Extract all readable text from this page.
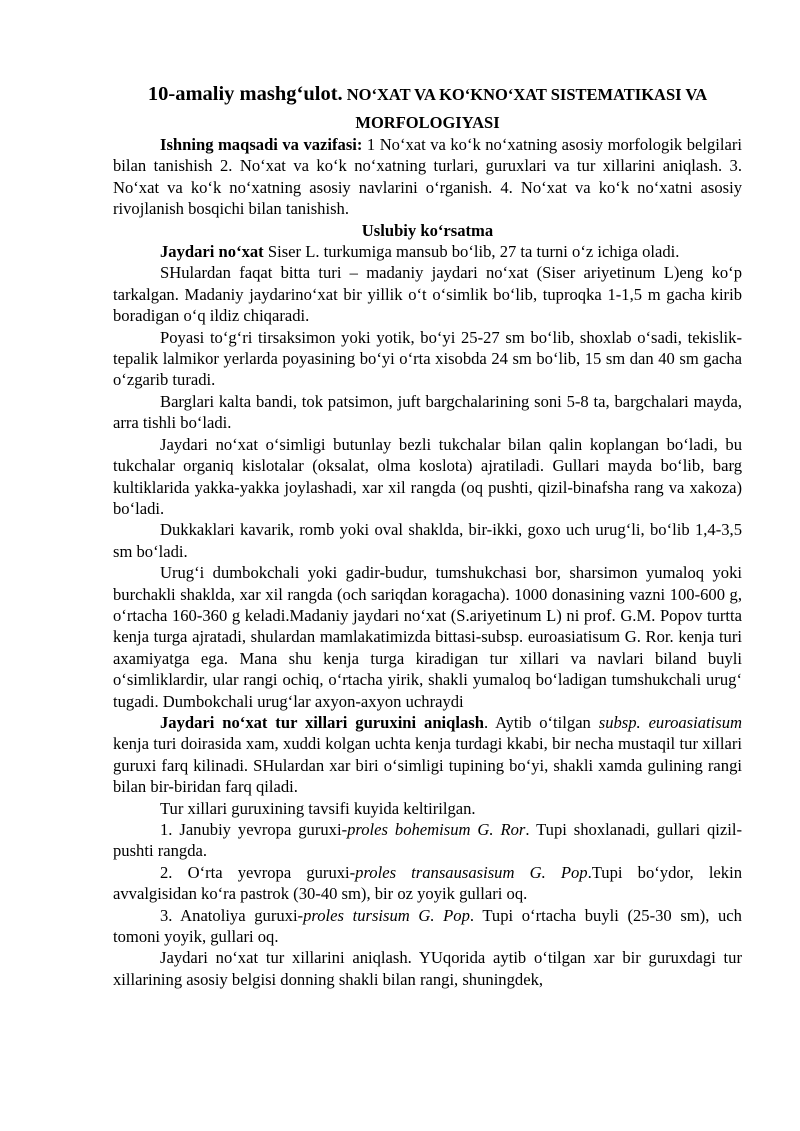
10-amaliy mashg‘ulot. NO‘XAT VA KO‘KNO‘XAT SISTEMATIKASI VA MORFOLOGIYASI

Ishning maqsadi va vazifasi: 1 No‘xat va ko‘k no‘xatning asosiy morfologik belgilari bilan tanishish 2. No‘xat va ko‘k no‘xatning turlari, guruxlari va tur xillarini aniqlash. 3. No‘xat va ko‘k no‘xatning asosiy navlarini o‘rganish. 4. No‘xat va ko‘k no‘xatni asosiy rivojlanish bosqichi bilan tanishish.

Uslubiy ko‘rsatma

Jaydari no‘xat Siser L. turkumiga mansub bo‘lib, 27 ta turni o‘z ichiga oladi.

SHulardan faqat bitta turi – madaniy jaydari no‘xat (Siser ariyetinum L)eng ko‘p tarkalgan. Madaniy jaydarino‘xat bir yillik o‘t o‘simlik bo‘lib, tuproqka 1-1,5 m gacha kirib boradigan o‘q ildiz chiqaradi.

Poyasi to‘g‘ri tirsaksimon yoki yotik, bo‘yi 25-27 sm bo‘lib, shoxlab o‘sadi, tekislik-tepalik lalmikor yerlarda poyasining bo‘yi o‘rta xisobda 24 sm bo‘lib, 15 sm dan 40 sm gacha o‘zgarib turadi.

Barglari kalta bandi, tok patsimon, juft bargchalarining soni 5-8 ta, bargchalari mayda, arra tishli bo‘ladi.

Jaydari no‘xat o‘simligi butunlay bezli tukchalar bilan qalin koplangan bo‘ladi, bu tukchalar organiq kislotalar (oksalat, olma koslota) ajratiladi. Gullari mayda bo‘lib, barg kultiklarida yakka-yakka joylashadi, xar xil rangda (oq pushti, qizil-binafsha rang va xakoza) bo‘ladi.

Dukkaklari kavarik, romb yoki oval shaklda, bir-ikki, goxo uch urug‘li, bo‘lib 1,4-3,5 sm bo‘ladi.

Urug‘i dumbokchali yoki gadir-budur, tumshukchasi bor, sharsimon yumaloq yoki burchakli shaklda, xar xil rangda (och sariqdan koragacha). 1000 donasining vazni 100-600 g, o‘rtacha 160-360 g keladi.Madaniy jaydari no‘xat (S.ariyetinum L) ni prof. G.M. Popov turtta kenja turga ajratadi, shulardan mamlakatimizda bittasi-subsp. euroasiatisum G. Ror. kenja turi axamiyatga ega. Mana shu kenja turga kiradigan tur xillari va navlari biland buyli o‘simliklardir, ular rangi ochiq, o‘rtacha yirik, shakli yumaloq bo‘ladigan tumshukchali urug‘ tugadi. Dumbokchali urug‘lar axyon-axyon uchraydi

Jaydari no‘xat tur xillari guruxini aniqlash. Aytib o‘tilgan subsp. euroasiatisum kenja turi doirasida xam, xuddi kolgan uchta kenja turdagi kkabi, bir necha mustaqil tur xillari guruxi farq kilinadi. SHulardan xar biri o‘simligi tupining bo‘yi, shakli xamda gulining rangi bilan bir-biridan farq qiladi.

Tur xillari guruxining tavsifi kuyida keltirilgan.

1. Janubiy yevropa guruxi-proles bohemisum G. Ror. Tupi shoxlanadi, gullari qizil-pushti rangda.

2. O‘rta yevropa guruxi-proles transausasisum G. Pop.Tupi bo‘ydor, lekin avvalgisidan ko‘ra pastrok (30-40 sm), bir oz yoyik gullari oq.

3. Anatoliya guruxi-proles tursisum G. Pop. Tupi o‘rtacha buyli (25-30 sm), uch tomoni yoyik, gullari oq.

Jaydari no‘xat tur xillarini aniqlash. YUqorida aytib o‘tilgan xar bir guruxdagi tur xillarining asosiy belgisi donning shakli bilan rangi, shuningdek,
